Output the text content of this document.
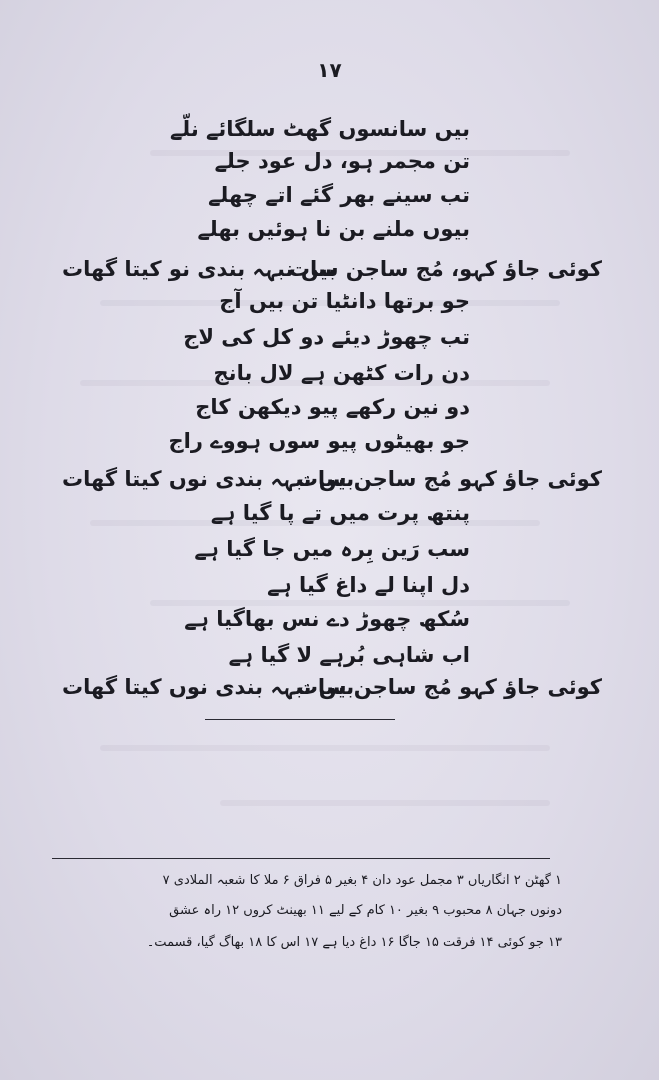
۱۷
بیں سانسوں گھٹ سلگائے نلّے
تن مجمر ہو، دل عود جلے
تب سینے بھر گئے اتے چھلے
بیوں ملنے بن نا ہوئیں بھلے
کوئی جاؤ کہو، مُج ساجن سات
بیں نبہہ بندی نو کیتا گھات
جو برتھا دانٹیا تن بیں آج
تب چھوڑ دیئے دو کل کی لاج
دن رات کٹھن ہے لال بانج
دو نین رکھے پیو دیکھن کاج
جو بھیٹوں پیو سوں ہووے راج
کوئی جاؤ کہو مُج ساجن سات
بیں نبہہ بندی نوں کیتا گھات
پنتھ پرت میں تے پا گیا ہے
سب رَین بِرہ میں جا گیا ہے
دل اپنا لے داغ گیا ہے
سُکھ چھوڑ دے نس بھاگیا ہے
اب شاہی بُرہے لا گیا ہے
کوئی جاؤ کہو مُج ساجن سات
بیں نبہہ بندی نوں کیتا گھات
۱ گھٹن ۲ انگاریاں ۳ مجمل عود دان ۴ بغیر ۵ فراق ۶ ملا کا شعبہ الملادی ۷
دونوں جہان ۸ محبوب ۹ بغیر ۱۰ کام کے لیے ۱۱ بھینٹ کروں ۱۲ راہ عشق
۱۳ جو کوئی ۱۴ فرقت ۱۵ جاگا ۱۶ داغ دیا ہے ۱۷ اس کا ۱۸ بھاگ گیا، قسمت۔
